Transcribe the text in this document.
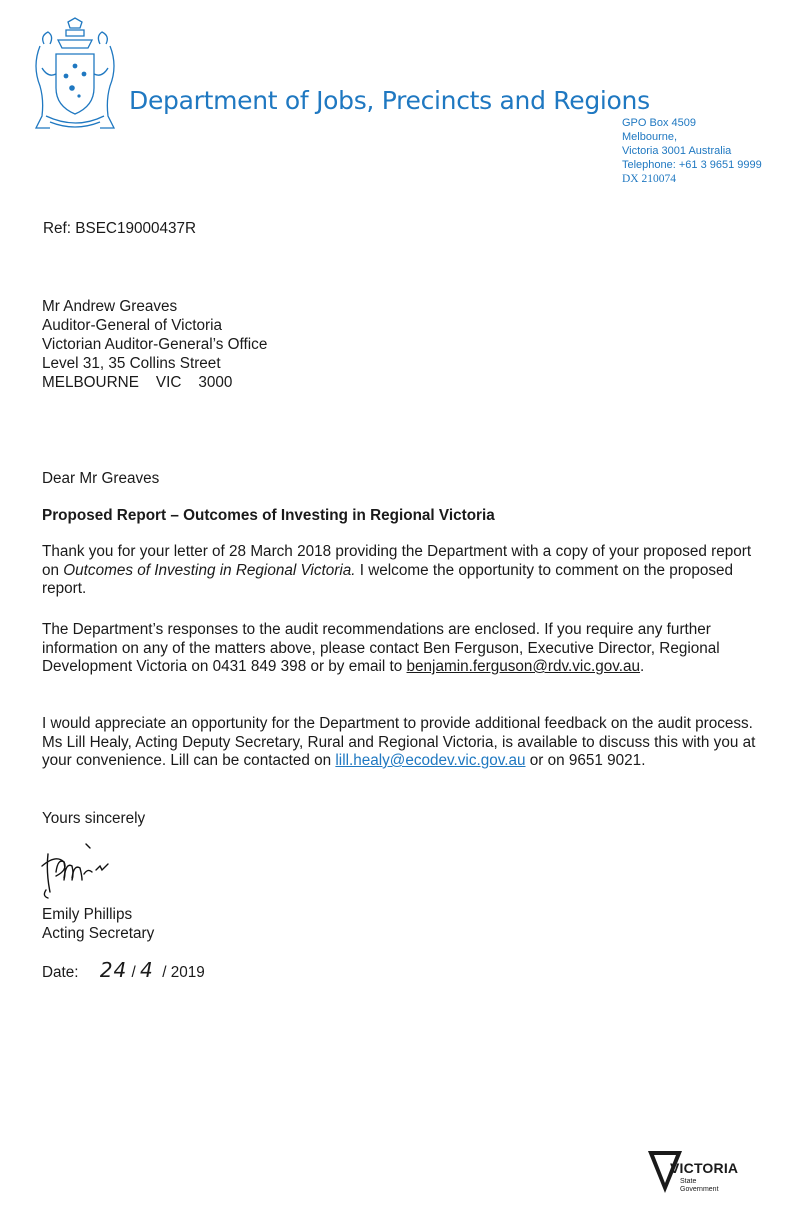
Department of Jobs, Precincts and Regions
GPO Box 4509
Melbourne,
Victoria 3001 Australia
Telephone: +61 3 9651 9999
DX 210074
Ref: BSEC19000437R
Mr Andrew Greaves
Auditor-General of Victoria
Victorian Auditor-General’s Office
Level 31, 35 Collins Street
MELBOURNE    VIC    3000
Dear Mr Greaves
Proposed Report – Outcomes of Investing in Regional Victoria
Thank you for your letter of 28 March 2018 providing the Department with a copy of your proposed report on Outcomes of Investing in Regional Victoria. I welcome the opportunity to comment on the proposed report.
The Department’s responses to the audit recommendations are enclosed. If you require any further information on any of the matters above, please contact Ben Ferguson, Executive Director, Regional Development Victoria on 0431 849 398 or by email to benjamin.ferguson@rdv.vic.gov.au.
I would appreciate an opportunity for the Department to provide additional feedback on the audit process. Ms Lill Healy, Acting Deputy Secretary, Rural and Regional Victoria, is available to discuss this with you at your convenience. Lill can be contacted on lill.healy@ecodev.vic.gov.au or on 9651 9021.
Yours sincerely
Emily Phillips
Acting Secretary
Date: 24 / 4 / 2019
VICTORIA
State
Government
